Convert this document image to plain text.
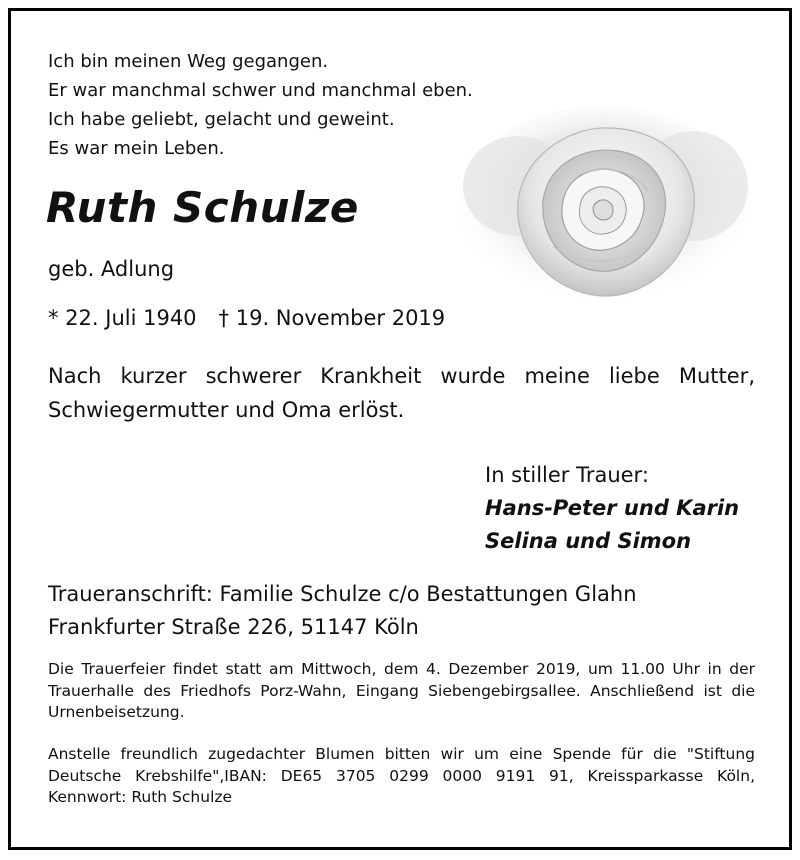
Ich bin meinen Weg gegangen.
Er war manchmal schwer und manchmal eben.
Ich habe geliebt, gelacht und geweint.
Es war mein Leben.
Ruth Schulze
geb. Adlung
* 22. Juli 1940 † 19. November 2019
Nach kurzer schwerer Krankheit wurde meine liebe Mutter, Schwiegermutter und Oma erlöst.
In stiller Trauer:
Hans-Peter und Karin
Selina und Simon
Traueranschrift: Familie Schulze c/o Bestattungen Glahn
Frankfurter Straße 226, 51147 Köln
Die Trauerfeier findet statt am Mittwoch, dem 4. Dezember 2019, um 11.00 Uhr in der Trauerhalle des Friedhofs Porz-Wahn, Eingang Siebengebirgsallee. Anschließend ist die Urnenbeisetzung.
Anstelle freundlich zugedachter Blumen bitten wir um eine Spende für die "Stiftung Deutsche Krebshilfe",IBAN: DE65 3705 0299 0000 9191 91, Kreissparkasse Köln, Kennwort: Ruth Schulze
